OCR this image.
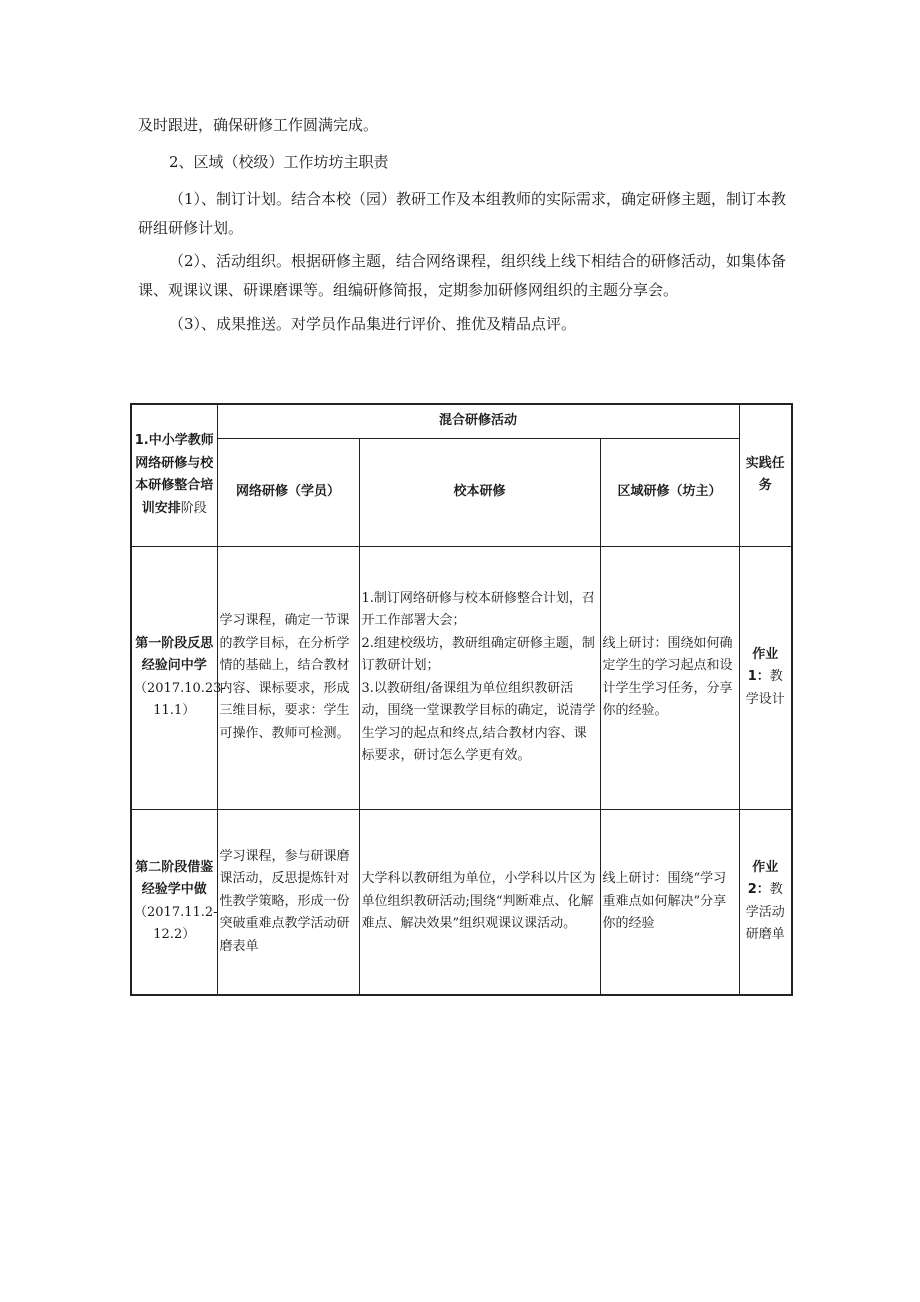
及时跟进，确保研修工作圆满完成。

2、区域（校级）工作坊坊主职责

（1）、制订计划。结合本校（园）教研工作及本组教师的实际需求，确定研修主题，制订本教研组研修计划。

（2）、活动组织。根据研修主题，结合网络课程，组织线上线下相结合的研修活动，如集体备课、观课议课、研课磨课等。组编研修简报，定期参加研修网组织的主题分享会。

（3）、成果推送。对学员作品集进行评价、推优及精品点评。

1.中小学教师网络研修与校本研修整合培训安排阶段	混合研修活动			实践任务
	网络研修（学员）	校本研修	区域研修（坊主）	

第一阶段反思经验问中学
（2017.10.23-11.1）	学习课程，确定一节课的教学目标，在分析学情的基础上，结合教材内容、课标要求，形成三维目标，要求：学生可操作、教师可检测。	1.制订网络研修与校本研修整合计划，召开工作部署大会；
2.组建校级坊，教研组确定研修主题，制订教研计划；
3.以教研组/备课组为单位组织教研活动，围绕一堂课教学目标的确定，说清学生学习的起点和终点,结合教材内容、课标要求，研讨怎么学更有效。	线上研讨：围绕如何确定学生的学习起点和设计学生学习任务，分享你的经验。	作业1：教学设计

第二阶段借鉴经验学中做
（2017.11.2-12.2）	学习课程，参与研课磨课活动，反思提炼针对性教学策略，形成一份突破重难点教学活动研磨表单	大学科以教研组为单位，小学科以片区为单位组织教研活动;围绕“判断难点、化解难点、解决效果”组织观课议课活动。	线上研讨：围绕“学习重难点如何解决”分享你的经验	作业2：教学活动研磨单
